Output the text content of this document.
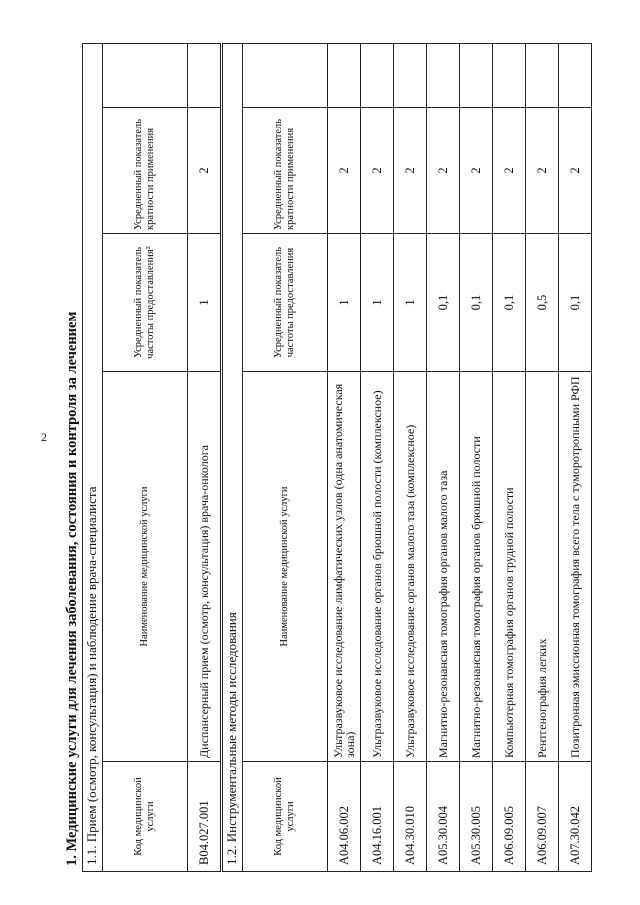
2 1. Медицинские услуги для лечения заболевания, состояния и контроля за лечением 1.1. Прием (осмотр, консультация) и наблюдение врача-специалиста				
Код медицинской услуги	Наименование медицинской услуги	Усредненный показатель частоты предоставления²	Усредненный показатель кратности применения	
B04.027.001	Диспансерный прием (осмотр, консультация) врача-онколога	1	2	
1.2. Инструментальные методы исследования				
Код медицинской услуги	Наименование медицинской услуги	Усредненный показатель частоты предоставления	Усредненный показатель кратности применения	
A04.06.002	Ультразвуковое исследование лимфатических узлов (одна анатомическая зона)	1	2	
A04.16.001	Ультразвуковое исследование органов брюшной полости (комплексное)	1	2	
A04.30.010	Ультразвуковое исследование органов малого таза (комплексное)	1	2	
A05.30.004	Магнитно-резонансная томография органов малого таза	0,1	2	
A05.30.005	Магнитно-резонансная томография органов брюшной полости	0,1	2	
A06.09.005	Компьютерная томография органов грудной полости	0,1	2	
A06.09.007	Рентгенография легких	0,5	2	
A07.30.042	Позитронная эмиссионная томография всего тела с туморотропными РФП	0,1	2	
